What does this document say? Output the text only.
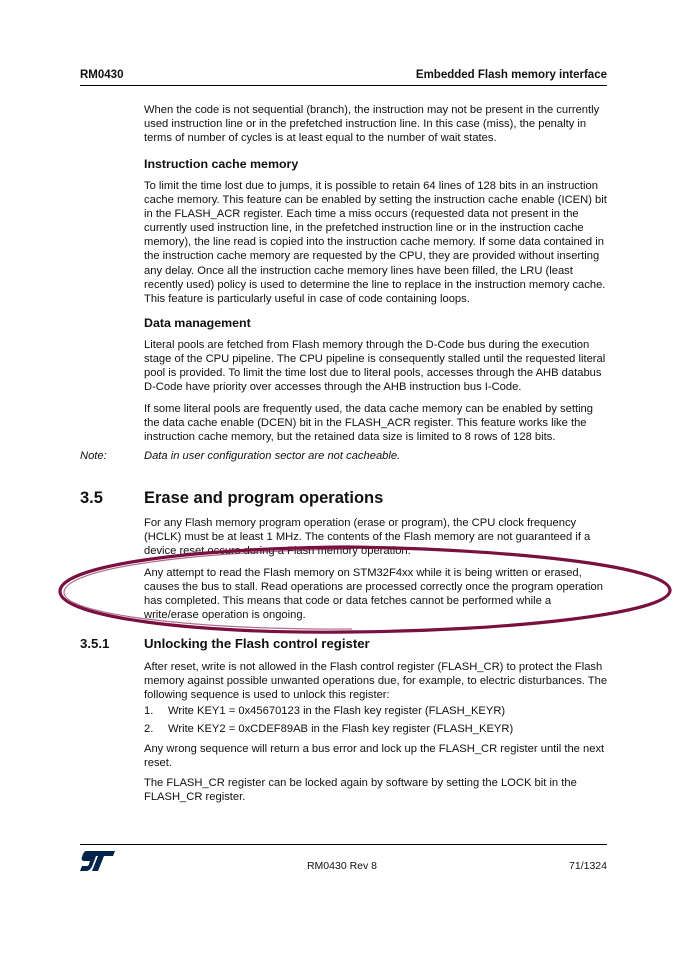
RM0430	Embedded Flash memory interface

When the code is not sequential (branch), the instruction may not be present in the currently used instruction line or in the prefetched instruction line. In this case (miss), the penalty in terms of number of cycles is at least equal to the number of wait states.

Instruction cache memory

To limit the time lost due to jumps, it is possible to retain 64 lines of 128 bits in an instruction cache memory. This feature can be enabled by setting the instruction cache enable (ICEN) bit in the FLASH_ACR register. Each time a miss occurs (requested data not present in the currently used instruction line, in the prefetched instruction line or in the instruction cache memory), the line read is copied into the instruction cache memory. If some data contained in the instruction cache memory are requested by the CPU, they are provided without inserting any delay. Once all the instruction cache memory lines have been filled, the LRU (least recently used) policy is used to determine the line to replace in the instruction memory cache. This feature is particularly useful in case of code containing loops.

Data management

Literal pools are fetched from Flash memory through the D-Code bus during the execution stage of the CPU pipeline. The CPU pipeline is consequently stalled until the requested literal pool is provided. To limit the time lost due to literal pools, accesses through the AHB databus D-Code have priority over accesses through the AHB instruction bus I-Code.

If some literal pools are frequently used, the data cache memory can be enabled by setting the data cache enable (DCEN) bit in the FLASH_ACR register. This feature works like the instruction cache memory, but the retained data size is limited to 8 rows of 128 bits.

Note:	Data in user configuration sector are not cacheable.
3.5 Erase and program operations

For any Flash memory program operation (erase or program), the CPU clock frequency (HCLK) must be at least 1 MHz. The contents of the Flash memory are not guaranteed if a device reset occurs during a Flash memory operation.

Any attempt to read the Flash memory on STM32F4xx while it is being written or erased, causes the bus to stall. Read operations are processed correctly once the program operation has completed. This means that code or data fetches cannot be performed while a write/erase operation is ongoing.

3.5.1	Unlocking the Flash control register

After reset, write is not allowed in the Flash control register (FLASH_CR) to protect the Flash memory against possible unwanted operations due, for example, to electric disturbances. The following sequence is used to unlock this register:

1. Write KEY1 = 0x45670123 in the Flash key register (FLASH_KEYR)
2. Write KEY2 = 0xCDEF89AB in the Flash key register (FLASH_KEYR)

Any wrong sequence will return a bus error and lock up the FLASH_CR register until the next reset.

The FLASH_CR register can be locked again by software by setting the LOCK bit in the FLASH_CR register.

RM0430 Rev 8	71/1324
